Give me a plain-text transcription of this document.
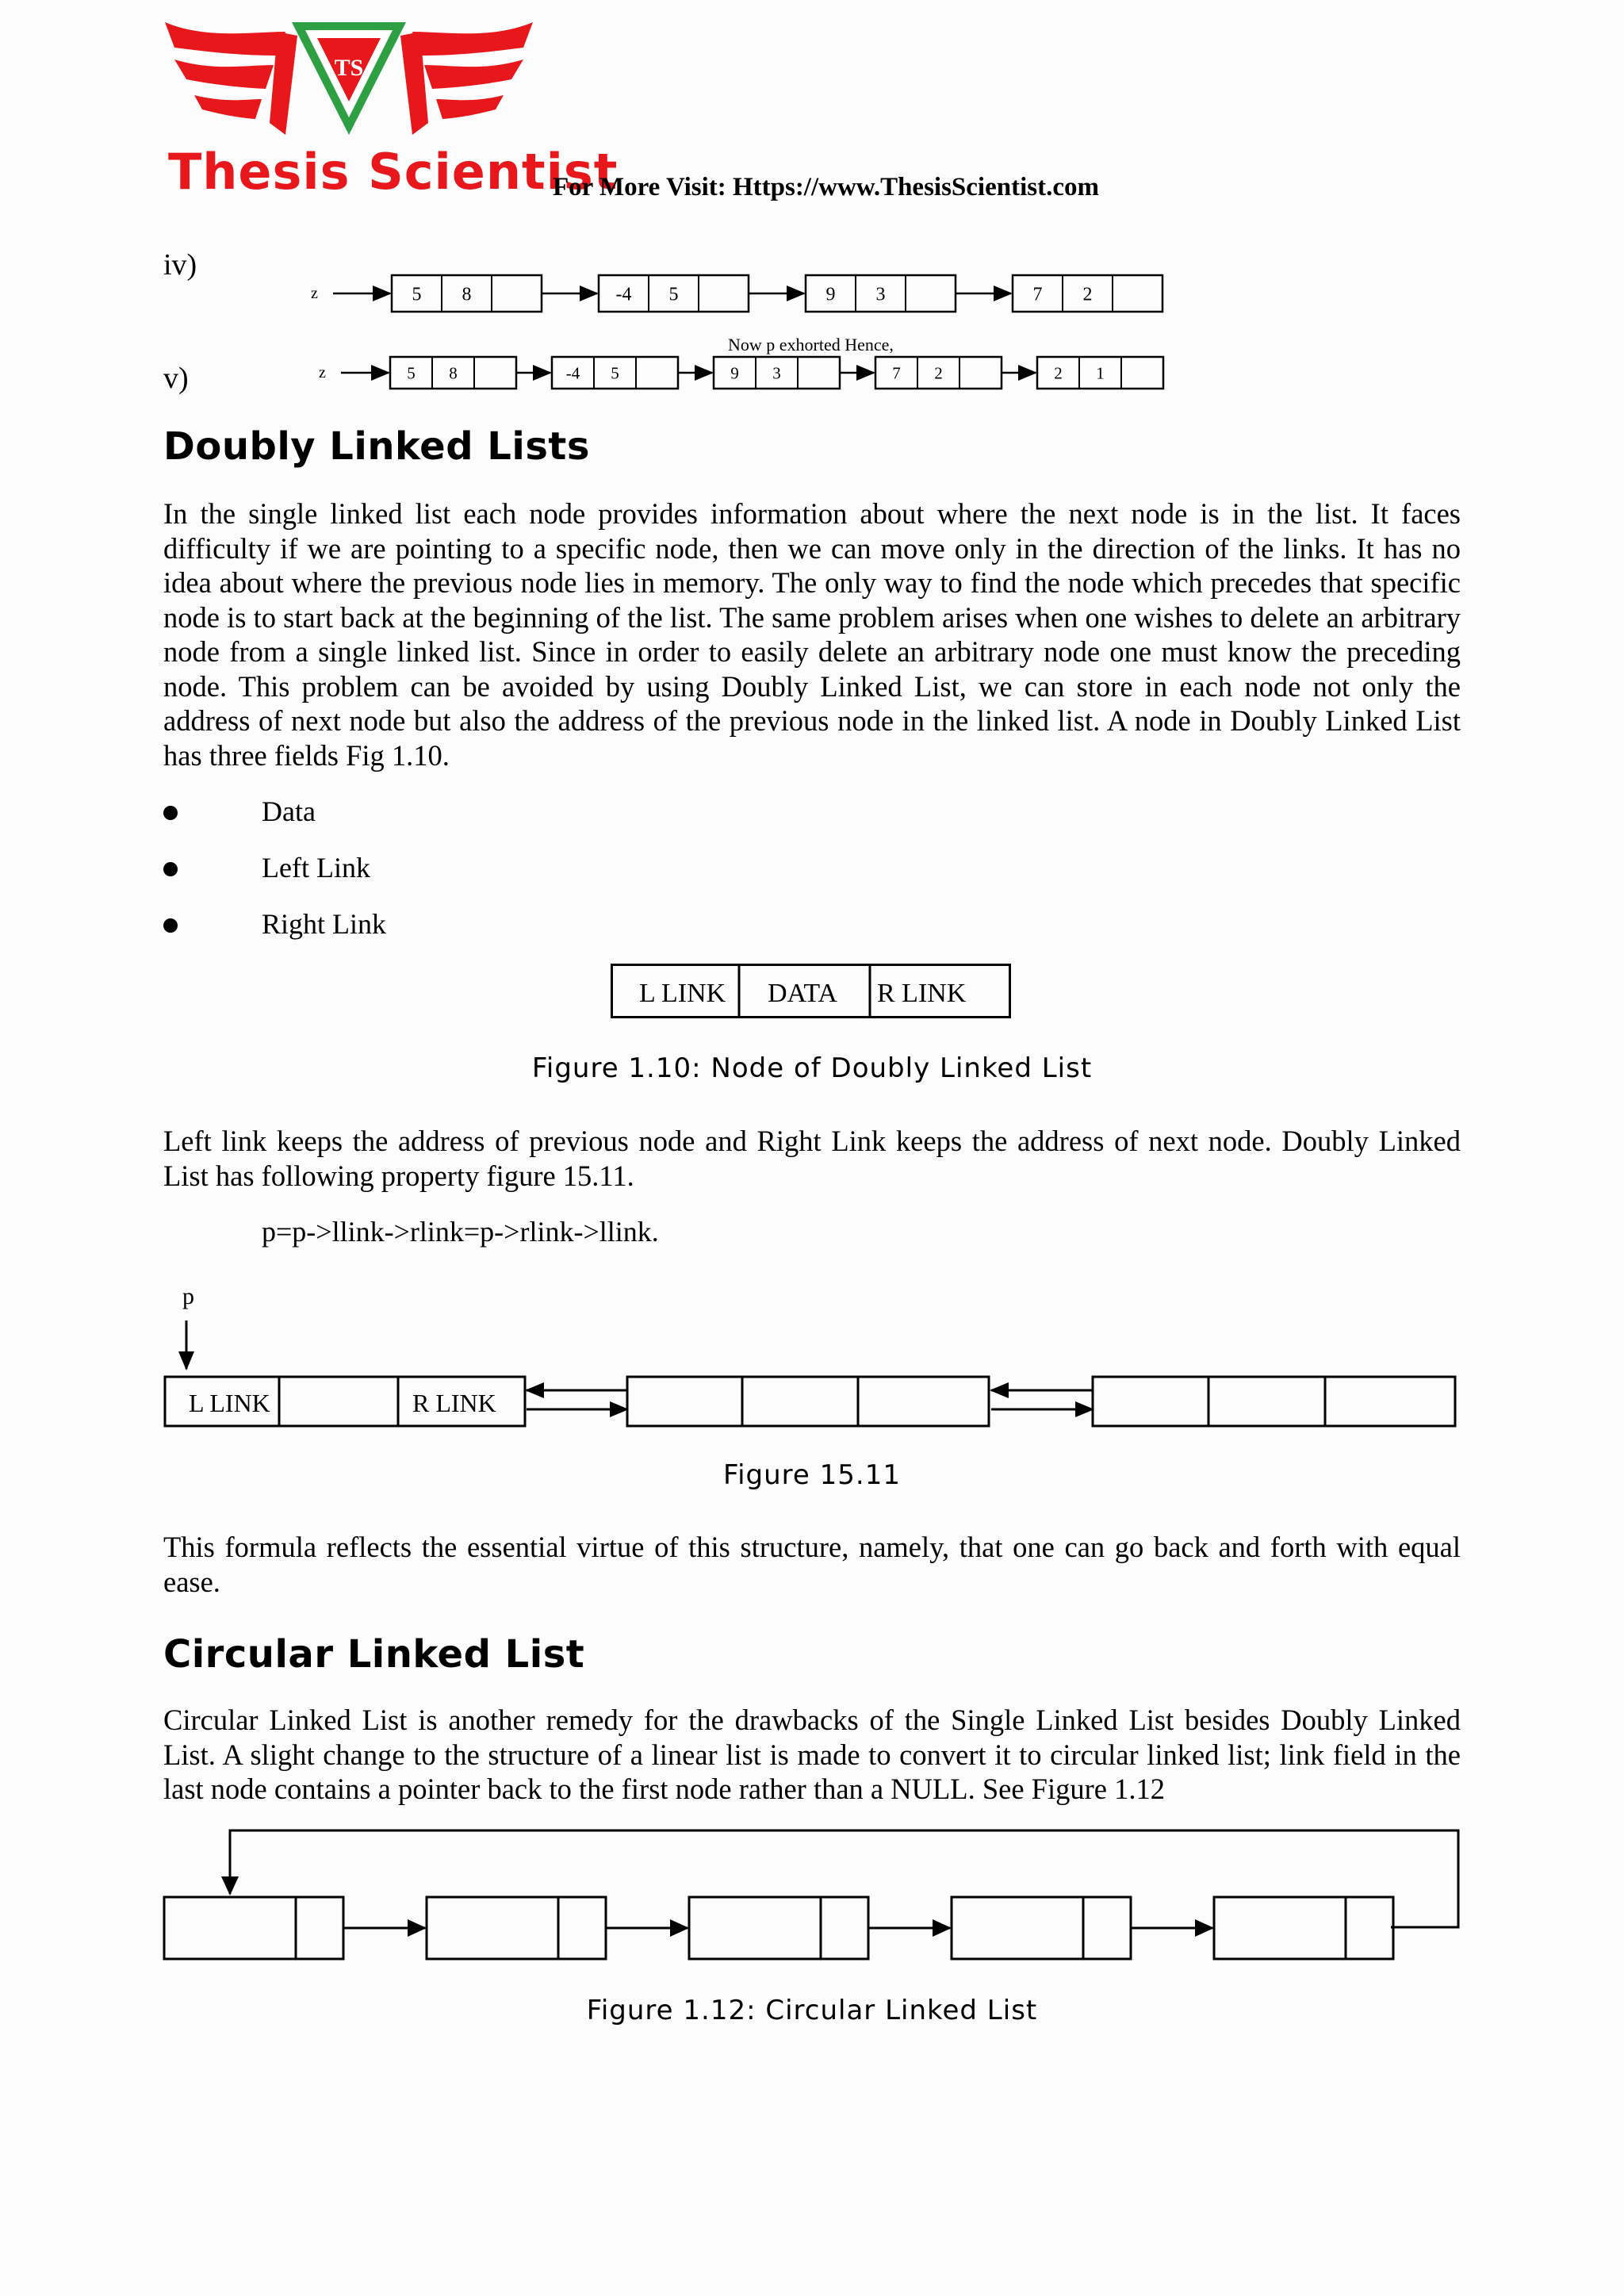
TS
Thesis Scientist
For More Visit: Https://www.ThesisScientist.com
iv)
v)
z	5 8	-4 5	9 3	7 2
Now p exhorted Hence,
z	5 8	-4 5	9 3	7 2	2 1
Doubly Linked Lists

In the single linked list each node provides information about where the next node is in the list. It faces difficulty if we are pointing to a specific node, then we can move only in the direction of the links. It has no idea about where the previous node lies in memory. The only way to find the node which precedes that specific node is to start back at the beginning of the list. The same problem arises when one wishes to delete an arbitrary node from a single linked list. Since in order to easily delete an arbitrary node one must know the preceding node. This problem can be avoided by using Doubly Linked List, we can store in each node not only the address of next node but also the address of the previous node in the linked list. A node in Doubly Linked List has three fields Fig 1.10.

Data
Left Link
Right Link
L LINK DATA R LINK
Figure 1.10: Node of Doubly Linked List

Left link keeps the address of previous node and Right Link keeps the address of next node. Doubly Linked List has following property figure 15.11.

p=p->llink->rlink=p->rlink->llink.
p
L LINK	R LINK
Figure 15.11

This formula reflects the essential virtue of this structure, namely, that one can go back and forth with equal ease.

Circular Linked List

Circular Linked List is another remedy for the drawbacks of the Single Linked List besides Doubly Linked List. A slight change to the structure of a linear list is made to convert it to circular linked list; link field in the last node contains a pointer back to the first node rather than a NULL. See Figure 1.12

Figure 1.12: Circular Linked List
